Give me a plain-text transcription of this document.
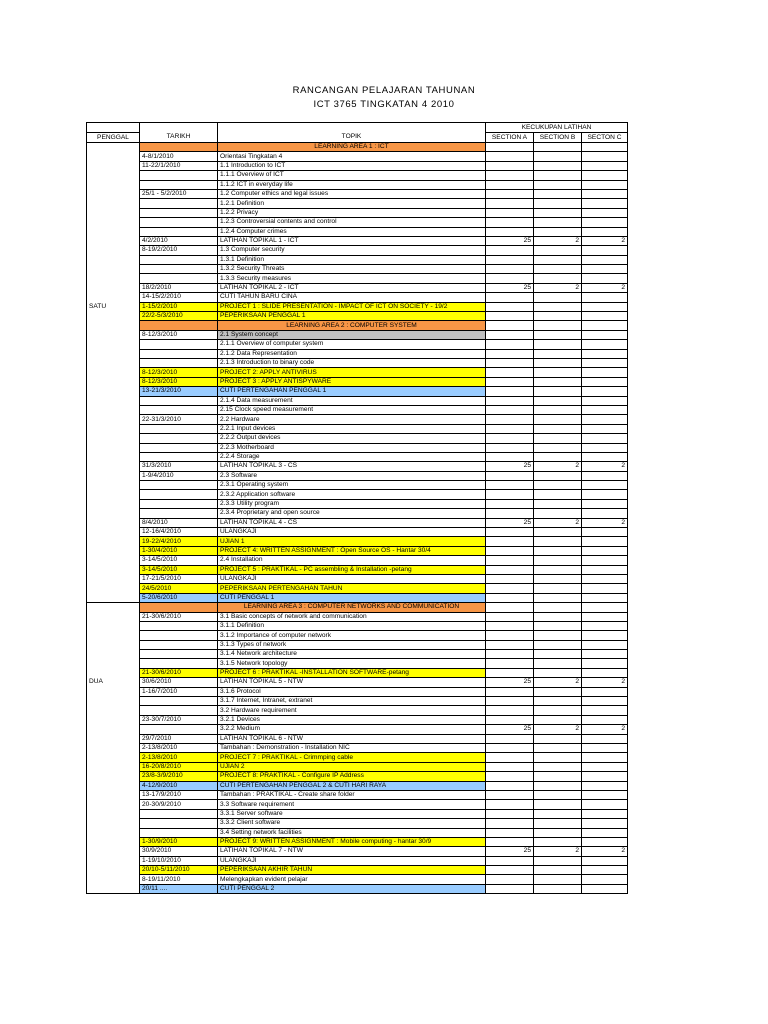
RANCANGAN PELAJARAN TAHUNAN
ICT 3765 TINGKATAN 4 2010
			KECUKUPAN LATIHAN		
PENGGAL	TARIKH	TOPIK	SECTION A	SECTION B	SECTON C
		LEARNING AREA 1 : ICT			
	4-8/1/2010	Orientasi Tingkatan 4			
	11-22/1/2010	1.1 Introduction to ICT			
		1.1.1 Overview of ICT			
		1.1.2 ICT in everyday life			
	25/1 - 5/2/2010	1.2 Computer ethics and legal issues			
		1.2.1 Definition			
		1.2.2 Privacy			
		1.2.3 Controversial contents and control			
		1.2.4 Computer crimes			
	4/2/2010	LATIHAN TOPIKAL 1 - ICT	25	2	2
	8-19/2/2010	1.3 Computer security			
		1.3.1 Definition			
		1.3.2 Security Threats			
		1.3.3 Security measures			
	18/2/2010	LATIHAN TOPIKAL 2 - ICT	25	2	2
	14-15/2/2010	CUTI TAHUN BARU CINA			
SATU	1-15/2/2010	PROJECT 1 : SLIDE PRESENTATION - IMPACT OF ICT ON SOCIETY - 19/2			
	22/2-5/3/2010	PEPERIKSAAN PENGGAL 1			
		LEARNING AREA 2 : COMPUTER SYSTEM			
	8-12/3/2010	2.1 System concept			
		2.1.1 Overview of computer system			
		2.1.2 Data Representation			
		2.1.3 Introduction to binary code			
	8-12/3/2010	PROJECT 2: APPLY ANTIVIRUS			
	8-12/3/2010	PROJECT 3 : APPLY ANTISPYWARE			
	13-21/3/2010	CUTI PERTENGAHAN PENGGAL 1			
		2.1.4 Data measurement			
		2.15 Clock speed measurement			
	22-31/3/2010	2.2 Hardware			
		2.2.1 Input devices			
		2.2.2 Output devices			
		2.2.3 Motherboard			
		2.2.4 Storage			
	31/3/2010	LATIHAN TOPIKAL 3 - CS	25	2	2
	1-9/4/2010	2.3 Software			
		2.3.1 Operating system			
		2.3.2 Application software			
		2.3.3 Utility program			
		2.3.4 Proprietary and open source			
	8/4/2010	LATIHAN TOPIKAL 4 - CS	25	2	2
	12-16/4/2010	ULANGKAJI			
	19-22/4/2010	UJIAN 1			
	1-30/4/2010	PROJECT 4: WRITTEN ASSIGNMENT : Open Source OS - Hantar 30/4			
	3-14/5/2010	2.4 Installation			
	3-14/5/2010	PROJECT 5 : PRAKTIKAL - PC assembling & Installation -petang			
	17-21/5/2010	ULANGKAJI			
	24/5/2010	PEPERIKSAAN PERTENGAHAN TAHUN			
	5-20/6/2010	CUTI PENGGAL 1			
		LEARNING AREA 3 : COMPUTER NETWORKS AND COMMUNICATION			
	21-30/6/2010	3.1 Basic concepts of network and communication			
		3.1.1 Definition			
		3.1.2 Importance of computer network			
		3.1.3 Types of network			
		3.1.4 Network architecture			
		3.1.5 Network topology			
	21-30/6/2010	PROJECT 6 : PRAKTIKAL -INSTALLATION SOFTWARE-petang			
DUA	30/6/2010	LATIHAN TOPIKAL 5 - NTW	25	2	2
	1-16/7/2010	3.1.6 Protocol			
		3.1.7 Internet, Intranet, extranet			
		3.2 Hardware requirement			
	23-30/7/2010	3.2.1 Devices			
		3.2.2 Medium	25	2	2
	29/7/2010	LATIHAN TOPIKAL 6 - NTW			
	2-13/8/2010	Tambahan : Demonstration - Installation NIC			
	2-13/8/2010	PROJECT 7 : PRAKTIKAL - Crimmping cable			
	16-20/8/2010	UJIAN 2			
	23/8-3/9/2010	PROJECT 8: PRAKTIKAL - Configure IP Address			
	4-12/9/2010	CUTI PERTENGAHAN PENGGAL 2 & CUTI HARI RAYA			
	13-17/9/2010	Tambahan : PRAKTIKAL - Create share folder			
	20-30/9/2010	3.3 Software requirement			
		3.3.1 Server software			
		3.3.2 Client software			
		3.4 Setting network facilities			
	1-30/9/2010	PROJECT 9: WRITTEN ASSIGNMENT : Mobile computing - hantar 30/9			
	30/9/2010	LATIHAN TOPIKAL 7 - NTW	25	2	2
	1-19/10/2010	ULANGKAJI			
	20/10-5/11/2010	PEPERIKSAAN AKHIR TAHUN			
	8-19/11/2010	Melengkapkan evident pelajar			
	20/11 ....	CUTI PENGGAL 2			
